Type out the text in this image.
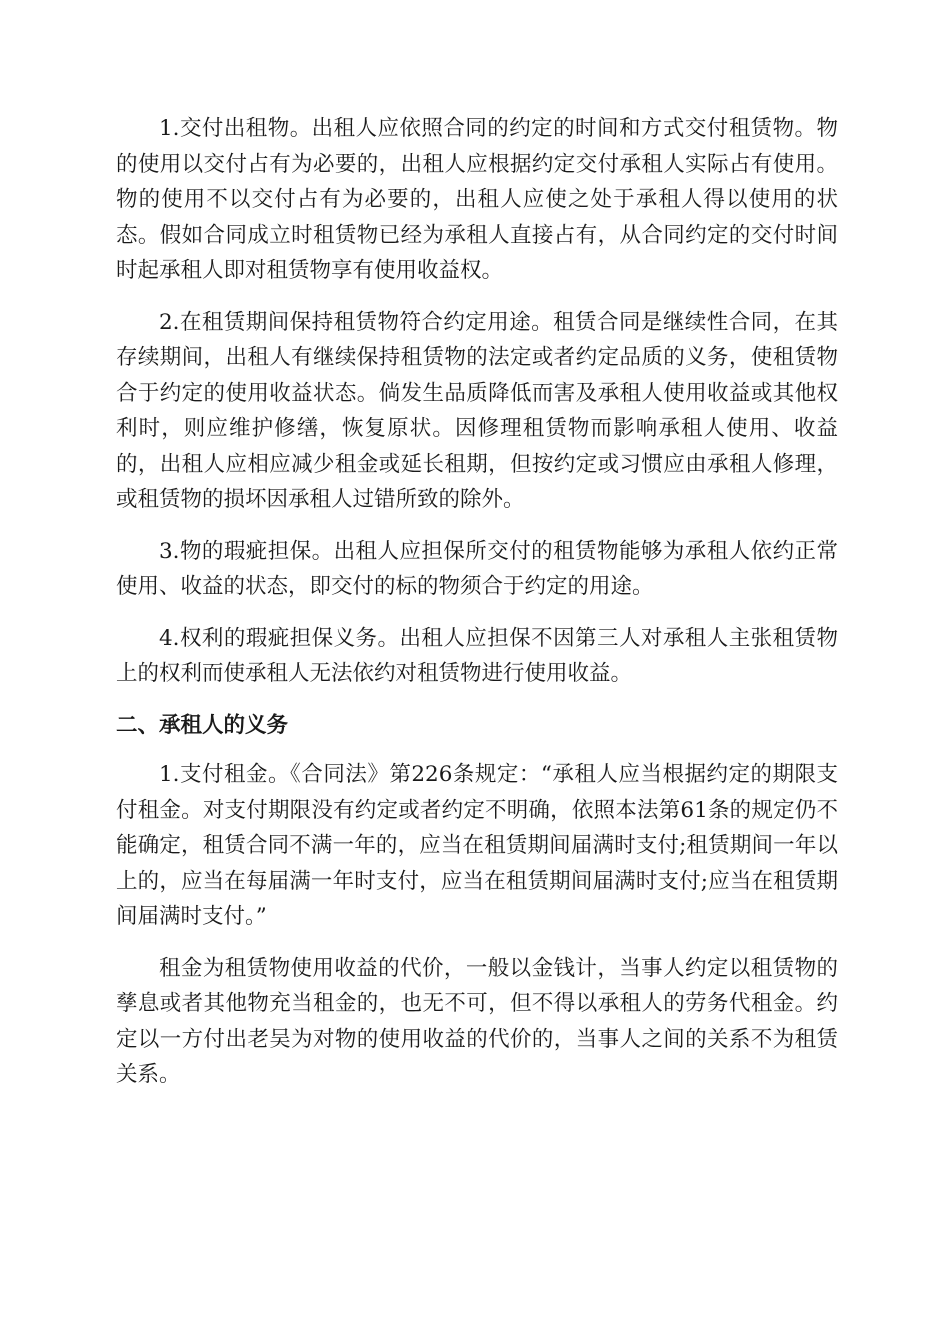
1.交付出租物。出租人应依照合同的约定的时间和方式交付租赁物。物的使用以交付占有为必要的，出租人应根据约定交付承租人实际占有使用。物的使用不以交付占有为必要的，出租人应使之处于承租人得以使用的状态。假如合同成立时租赁物已经为承租人直接占有，从合同约定的交付时间时起承租人即对租赁物享有使用收益权。

2.在租赁期间保持租赁物符合约定用途。租赁合同是继续性合同，在其存续期间，出租人有继续保持租赁物的法定或者约定品质的义务，使租赁物合于约定的使用收益状态。倘发生品质降低而害及承租人使用收益或其他权利时，则应维护修缮，恢复原状。因修理租赁物而影响承租人使用、收益的，出租人应相应减少租金或延长租期，但按约定或习惯应由承租人修理，或租赁物的损坏因承租人过错所致的除外。

3.物的瑕疵担保。出租人应担保所交付的租赁物能够为承租人依约正常使用、收益的状态，即交付的标的物须合于约定的用途。

4.权利的瑕疵担保义务。出租人应担保不因第三人对承租人主张租赁物上的权利而使承租人无法依约对租赁物进行使用收益。

二、承租人的义务

1.支付租金。《合同法》第226条规定：“承租人应当根据约定的期限支付租金。对支付期限没有约定或者约定不明确，依照本法第61条的规定仍不能确定，租赁合同不满一年的，应当在租赁期间届满时支付;租赁期间一年以上的，应当在每届满一年时支付，应当在租赁期间届满时支付;应当在租赁期间届满时支付。”

租金为租赁物使用收益的代价，一般以金钱计，当事人约定以租赁物的孳息或者其他物充当租金的，也无不可，但不得以承租人的劳务代租金。约定以一方付出老吴为对物的使用收益的代价的，当事人之间的关系不为租赁关系。
